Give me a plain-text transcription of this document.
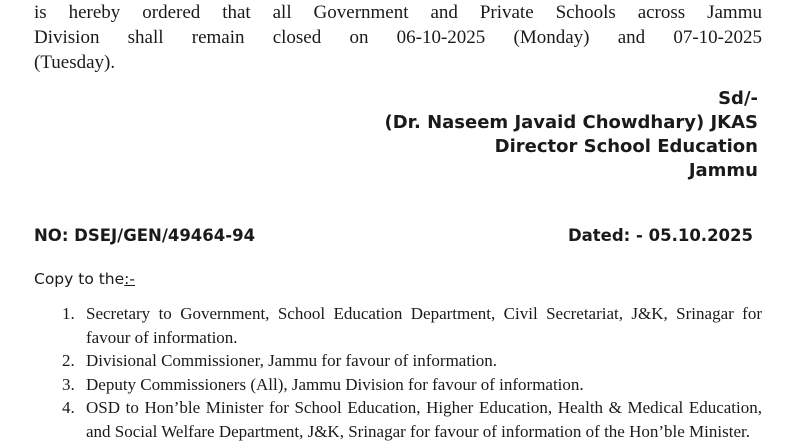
is hereby ordered that all Government and Private Schools across Jammu
Division shall remain closed on 06-10-2025 (Monday) and 07-10-2025
(Tuesday).

Sd/-
(Dr. Naseem Javaid Chowdhary) JKAS
Director School Education
Jammu
NO: DSEJ/GEN/49464-94	Dated: - 05.10.2025
Copy to the:-
1. Secretary to Government, School Education Department, Civil Secretariat, J&K, Srinagar for favour of information.
2. Divisional Commissioner, Jammu for favour of information.
3. Deputy Commissioners (All), Jammu Division for favour of information.
4. OSD to Hon’ble Minister for School Education, Higher Education, Health & Medical Education, and Social Welfare Department, J&K, Srinagar for favour of information of the Hon’ble Minister.
